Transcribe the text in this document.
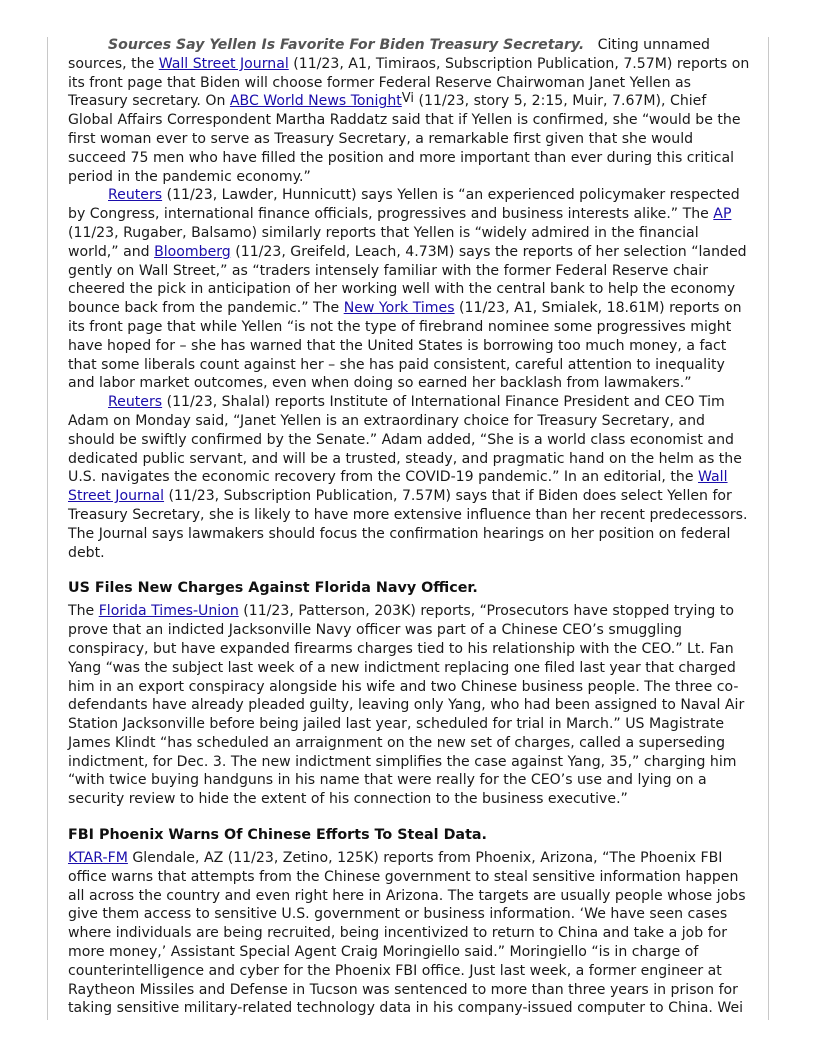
Sources Say Yellen Is Favorite For Biden Treasury Secretary. Citing unnamed sources, the Wall Street Journal (11/23, A1, Timiraos, Subscription Publication, 7.57M) reports on its front page that Biden will choose former Federal Reserve Chairwoman Janet Yellen as Treasury secretary. On ABC World News Tonight$^{Vi}$ (11/23, story 5, 2:15, Muir, 7.67M), Chief Global Affairs Correspondent Martha Raddatz said that if Yellen is confirmed, she “would be the first woman ever to serve as Treasury Secretary, a remarkable first given that she would succeed 75 men who have filled the position and more important than ever during this critical period in the pandemic economy.”

Reuters (11/23, Lawder, Hunnicutt) says Yellen is “an experienced policymaker respected by Congress, international finance officials, progressives and business interests alike.” The AP (11/23, Rugaber, Balsamo) similarly reports that Yellen is “widely admired in the financial world,” and Bloomberg (11/23, Greifeld, Leach, 4.73M) says the reports of her selection “landed gently on Wall Street,” as “traders intensely familiar with the former Federal Reserve chair cheered the pick in anticipation of her working well with the central bank to help the economy bounce back from the pandemic.” The New York Times (11/23, A1, Smialek, 18.61M) reports on its front page that while Yellen “is not the type of firebrand nominee some progressives might have hoped for – she has warned that the United States is borrowing too much money, a fact that some liberals count against her – she has paid consistent, careful attention to inequality and labor market outcomes, even when doing so earned her backlash from lawmakers.”

Reuters (11/23, Shalal) reports Institute of International Finance President and CEO Tim Adam on Monday said, “Janet Yellen is an extraordinary choice for Treasury Secretary, and should be swiftly confirmed by the Senate.” Adam added, “She is a world class economist and dedicated public servant, and will be a trusted, steady, and pragmatic hand on the helm as the U.S. navigates the economic recovery from the COVID-19 pandemic.” In an editorial, the Wall Street Journal (11/23, Subscription Publication, 7.57M) says that if Biden does select Yellen for Treasury Secretary, she is likely to have more extensive influence than her recent predecessors. The Journal says lawmakers should focus the confirmation hearings on her position on federal debt.

US Files New Charges Against Florida Navy Officer.

The Florida Times-Union (11/23, Patterson, 203K) reports, “Prosecutors have stopped trying to prove that an indicted Jacksonville Navy officer was part of a Chinese CEO’s smuggling conspiracy, but have expanded firearms charges tied to his relationship with the CEO.” Lt. Fan Yang “was the subject last week of a new indictment replacing one filed last year that charged him in an export conspiracy alongside his wife and two Chinese business people. The three co-defendants have already pleaded guilty, leaving only Yang, who had been assigned to Naval Air Station Jacksonville before being jailed last year, scheduled for trial in March.” US Magistrate James Klindt “has scheduled an arraignment on the new set of charges, called a superseding indictment, for Dec. 3. The new indictment simplifies the case against Yang, 35,” charging him “with twice buying handguns in his name that were really for the CEO’s use and lying on a security review to hide the extent of his connection to the business executive.”

FBI Phoenix Warns Of Chinese Efforts To Steal Data.

KTAR-FM Glendale, AZ (11/23, Zetino, 125K) reports from Phoenix, Arizona, “The Phoenix FBI office warns that attempts from the Chinese government to steal sensitive information happen all across the country and even right here in Arizona. The targets are usually people whose jobs give them access to sensitive U.S. government or business information. ‘We have seen cases where individuals are being recruited, being incentivized to return to China and take a job for more money,’ Assistant Special Agent Craig Moringiello said.” Moringiello “is in charge of counterintelligence and cyber for the Phoenix FBI office. Just last week, a former engineer at Raytheon Missiles and Defense in Tucson was sentenced to more than three years in prison for taking sensitive military-related technology data in his company-issued computer to China. Wei
